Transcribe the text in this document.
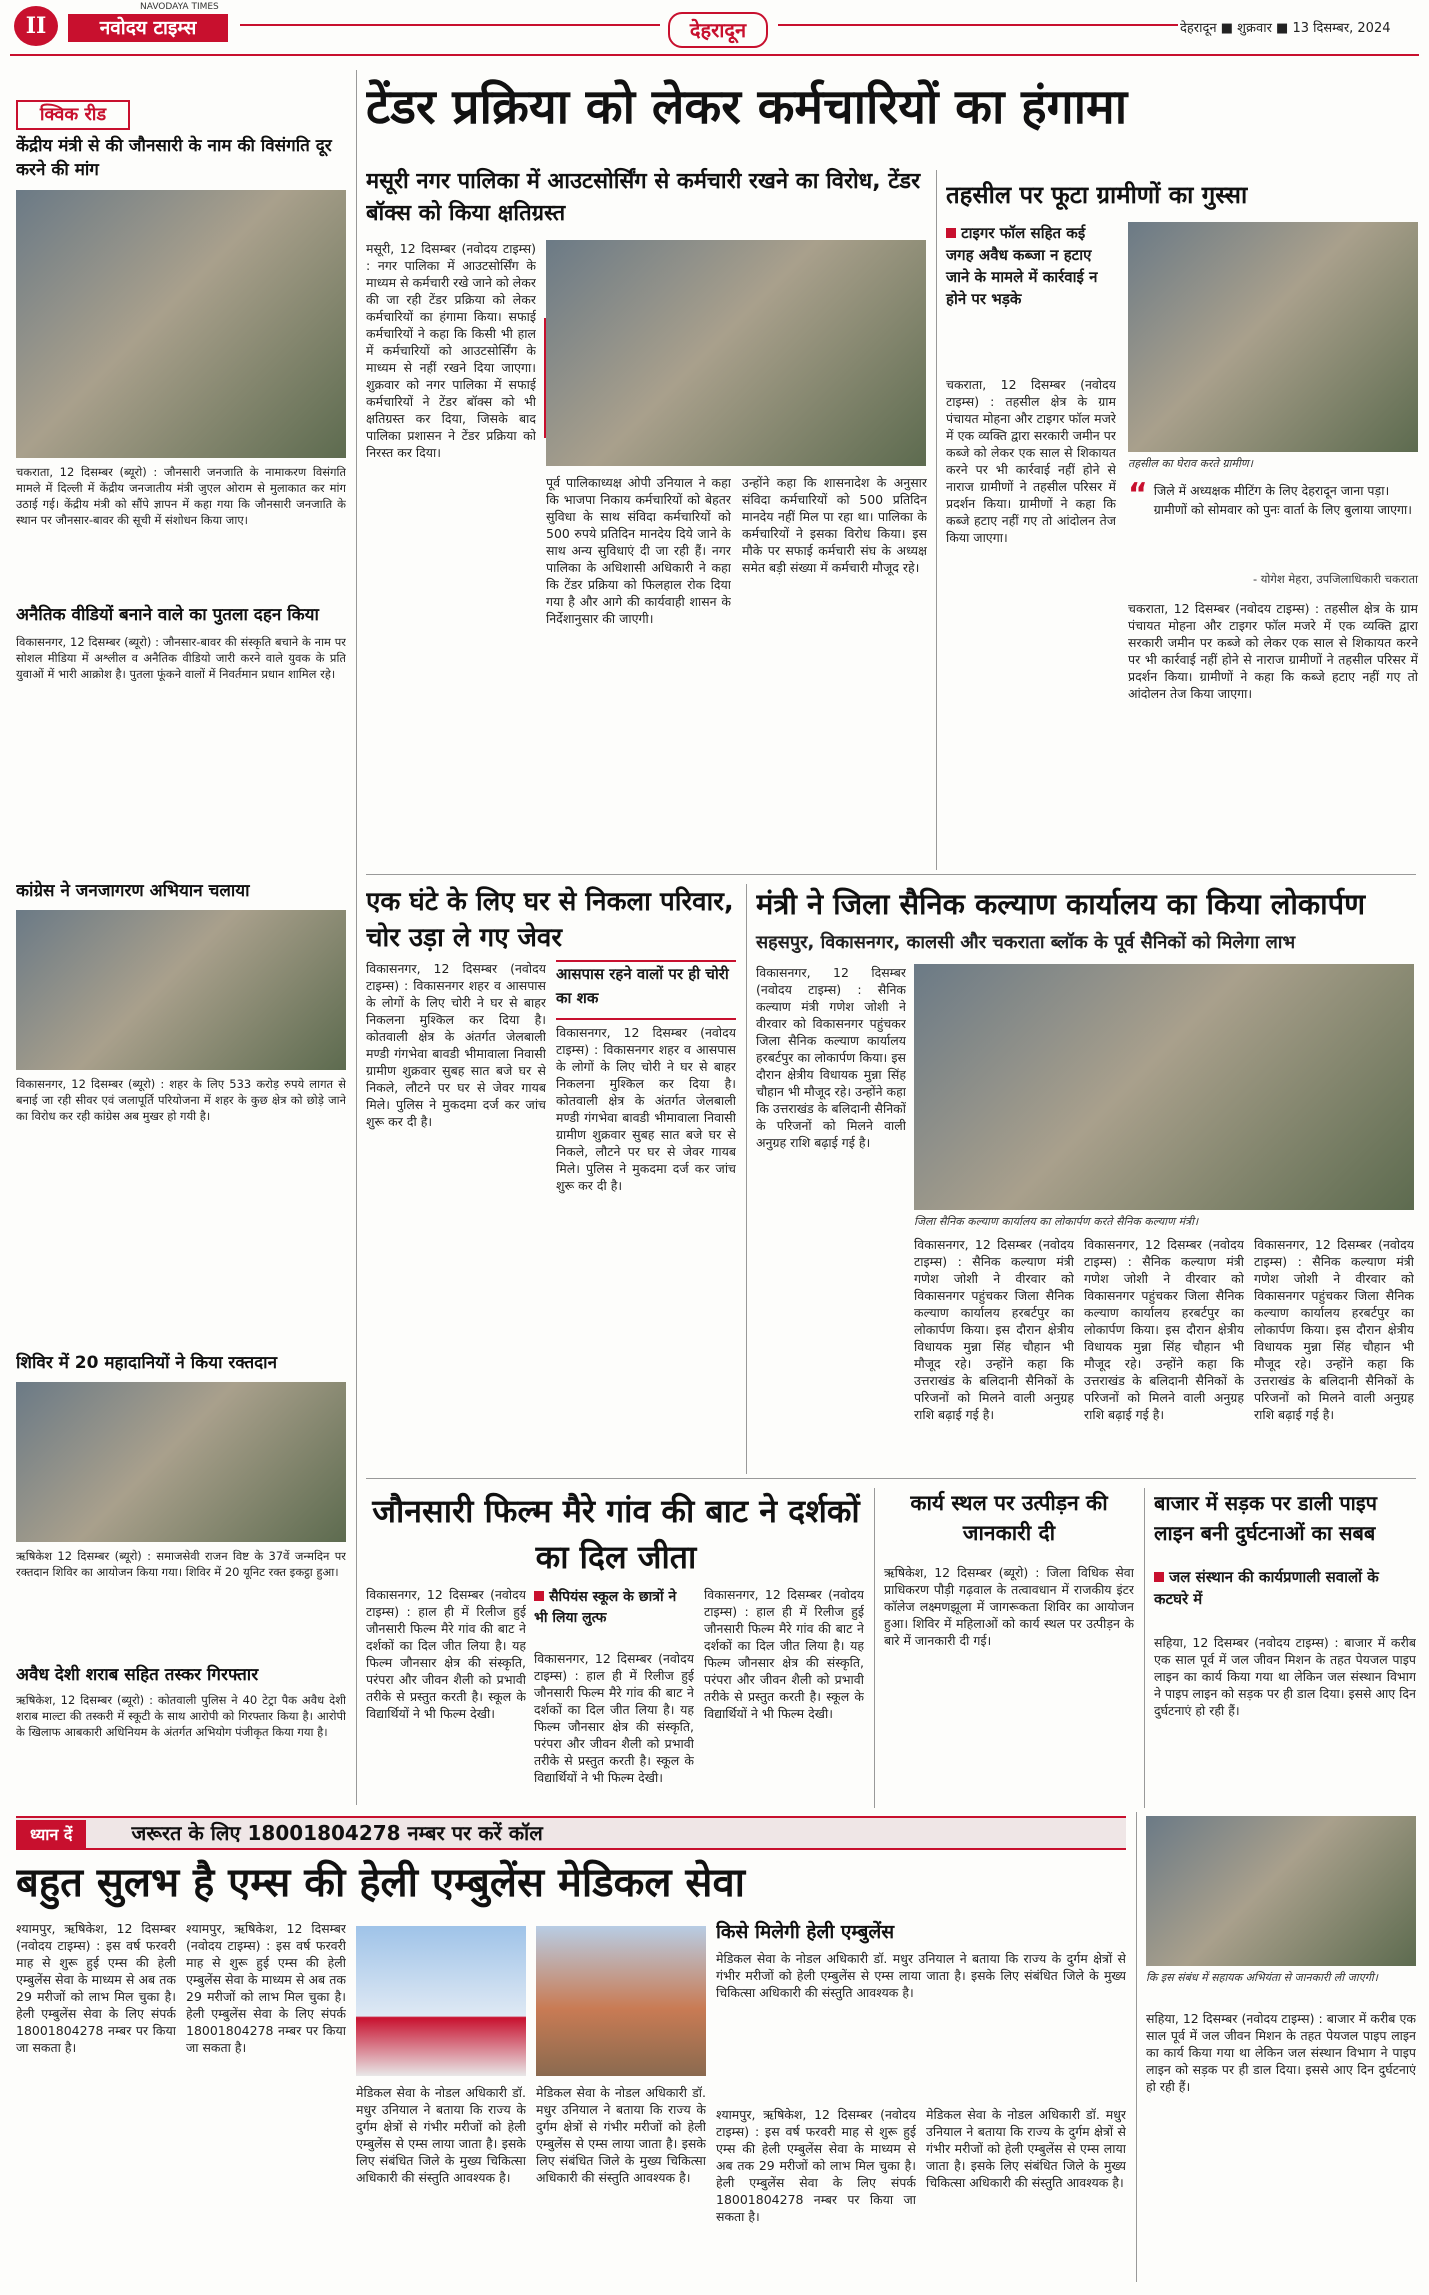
II
NAVODAYA TIMES
नवोदय टाइम्स	देहरादून	देहरादून ■ शुक्रवार ■ 13 दिसम्बर, 2024
क्विक रीड
केंद्रीय मंत्री से की जौनसारी के नाम की विसंगति दूर करने की मांग
चकराता, 12 दिसम्बर (ब्यूरो) : जौनसारी जनजाति के नामाकरण विसंगति मामले में दिल्ली में केंद्रीय जनजातीय मंत्री जुएल ओराम से मुलाकात कर मांग उठाई गई। केंद्रीय मंत्री को सौंपे ज्ञापन में कहा गया कि जौनसारी जनजाति के स्थान पर जौनसार-बावर की सूची में संशोधन किया जाए।
अनैतिक वीडियों बनाने वाले का पुतला दहन किया
विकासनगर, 12 दिसम्बर (ब्यूरो) : जौनसार-बावर की संस्कृति बचाने के नाम पर सोशल मीडिया में अश्लील व अनैतिक वीडियो जारी करने वाले युवक के प्रति युवाओं में भारी आक्रोश है। पुतला फूंकने वालों में निवर्तमान प्रधान शामिल रहे।
कांग्रेस ने जनजागरण अभियान चलाया
विकासनगर, 12 दिसम्बर (ब्यूरो) : शहर के लिए 533 करोड़ रुपये लागत से बनाई जा रही सीवर एवं जलापूर्ति परियोजना में शहर के कुछ क्षेत्र को छोड़े जाने का विरोध कर रही कांग्रेस अब मुखर हो गयी है।
शिविर में 20 महादानियों ने किया रक्तदान
ऋषिकेश 12 दिसम्बर (ब्यूरो) : समाजसेवी राजन विष्ट के 37वें जन्मदिन पर रक्तदान शिविर का आयोजन किया गया। शिविर में 20 यूनिट रक्त इकट्ठा हुआ।
अवैध देशी शराब सहित तस्कर गिरफ्तार
ऋषिकेश, 12 दिसम्बर (ब्यूरो) : कोतवाली पुलिस ने 40 टेट्रा पैक अवैध देशी शराब माल्टा की तस्करी में स्कूटी के साथ आरोपी को गिरफ्तार किया है। आरोपी के खिलाफ आबकारी अधिनियम के अंतर्गत अभियोग पंजीकृत किया गया है।
टेंडर प्रक्रिया को लेकर कर्मचारियों का हंगामा
मसूरी नगर पालिका में आउटसोर्सिंग से कर्मचारी रखने का विरोध, टेंडर बॉक्स को किया क्षतिग्रस्त
मसूरी, 12 दिसम्बर (नवोदय टाइम्स) : नगर पालिका में आउटसोर्सिंग के माध्यम से कर्मचारी रखे जाने को लेकर की जा रही टेंडर प्रक्रिया को लेकर कर्मचारियों का हंगामा किया। सफाई कर्मचारियों ने कहा कि किसी भी हाल में कर्मचारियों को आउटसोर्सिंग के माध्यम से नहीं रखने दिया जाएगा। शुक्रवार को नगर पालिका में सफाई कर्मचारियों ने टेंडर बॉक्स को भी क्षतिग्रस्त कर दिया, जिसके बाद पालिका प्रशासन ने टेंडर प्रक्रिया को निरस्त कर दिया।
पूर्व पालिकाध्यक्ष ओपी उनियाल ने कहा कि भाजपा निकाय कर्मचारियों को बेहतर सुविधा के साथ संविदा कर्मचारियों को 500 रुपये प्रतिदिन मानदेय दिये जाने के साथ अन्य सुविधाएं दी जा रही हैं। नगर पालिका के अधिशासी अधिकारी ने कहा कि टेंडर प्रक्रिया को फिलहाल रोक दिया गया है और आगे की कार्यवाही शासन के निर्देशानुसार की जाएगी।
उन्होंने कहा कि शासनादेश के अनुसार संविदा कर्मचारियों को 500 प्रतिदिन मानदेय नहीं मिल पा रहा था। पालिका के कर्मचारियों ने इसका विरोध किया। इस मौके पर सफाई कर्मचारी संघ के अध्यक्ष समेत बड़ी संख्या में कर्मचारी मौजूद रहे।
तहसील पर फूटा ग्रामीणों का गुस्सा
टाइगर फॉल सहित कई जगह अवैध कब्जा न हटाए जाने के मामले में कार्रवाई न होने पर भड़के
चकराता, 12 दिसम्बर (नवोदय टाइम्स) : तहसील क्षेत्र के ग्राम पंचायत मोहना और टाइगर फॉल मजरे में एक व्यक्ति द्वारा सरकारी जमीन पर कब्जे को लेकर एक साल से शिकायत करने पर भी कार्रवाई नहीं होने से नाराज ग्रामीणों ने तहसील परिसर में प्रदर्शन किया। ग्रामीणों ने कहा कि कब्जे हटाए नहीं गए तो आंदोलन तेज किया जाएगा।
तहसील का घेराव करते ग्रामीण।
“ जिले में अध्यक्षक मीटिंग के लिए देहरादून जाना पड़ा। ग्रामीणों को सोमवार को पुनः वार्ता के लिए बुलाया जाएगा।
- योगेश मेहरा, उपजिलाधिकारी चकराता
चकराता, 12 दिसम्बर (नवोदय टाइम्स) : तहसील क्षेत्र के ग्राम पंचायत मोहना और टाइगर फॉल मजरे में एक व्यक्ति द्वारा सरकारी जमीन पर कब्जे को लेकर एक साल से शिकायत करने पर भी कार्रवाई नहीं होने से नाराज ग्रामीणों ने तहसील परिसर में प्रदर्शन किया। ग्रामीणों ने कहा कि कब्जे हटाए नहीं गए तो आंदोलन तेज किया जाएगा।
एक घंटे के लिए घर से निकला परिवार, चोर उड़ा ले गए जेवर
विकासनगर, 12 दिसम्बर (नवोदय टाइम्स) : विकासनगर शहर व आसपास के लोगों के लिए चोरी ने घर से बाहर निकलना मुश्किल कर दिया है। कोतवाली क्षेत्र के अंतर्गत जेलबाली मण्डी गंगभेवा बावडी भीमावाला निवासी ग्रामीण शुक्रवार सुबह सात बजे घर से निकले, लौटने पर घर से जेवर गायब मिले। पुलिस ने मुकदमा दर्ज कर जांच शुरू कर दी है।
आसपास रहने वालों पर ही चोरी का शक
विकासनगर, 12 दिसम्बर (नवोदय टाइम्स) : विकासनगर शहर व आसपास के लोगों के लिए चोरी ने घर से बाहर निकलना मुश्किल कर दिया है। कोतवाली क्षेत्र के अंतर्गत जेलबाली मण्डी गंगभेवा बावडी भीमावाला निवासी ग्रामीण शुक्रवार सुबह सात बजे घर से निकले, लौटने पर घर से जेवर गायब मिले। पुलिस ने मुकदमा दर्ज कर जांच शुरू कर दी है।
मंत्री ने जिला सैनिक कल्याण कार्यालय का किया लोकार्पण
सहसपुर, विकासनगर, कालसी और चकराता ब्लॉक के पूर्व सैनिकों को मिलेगा लाभ
विकासनगर, 12 दिसम्बर (नवोदय टाइम्स) : सैनिक कल्याण मंत्री गणेश जोशी ने वीरवार को विकासनगर पहुंचकर जिला सैनिक कल्याण कार्यालय हरबर्टपुर का लोकार्पण किया। इस दौरान क्षेत्रीय विधायक मुन्ना सिंह चौहान भी मौजूद रहे। उन्होंने कहा कि उत्तराखंड के बलिदानी सैनिकों के परिजनों को मिलने वाली अनुग्रह राशि बढ़ाई गई है।
जिला सैनिक कल्याण कार्यालय का लोकार्पण करते सैनिक कल्याण मंत्री।
विकासनगर, 12 दिसम्बर (नवोदय टाइम्स) : सैनिक कल्याण मंत्री गणेश जोशी ने वीरवार को विकासनगर पहुंचकर जिला सैनिक कल्याण कार्यालय हरबर्टपुर का लोकार्पण किया। इस दौरान क्षेत्रीय विधायक मुन्ना सिंह चौहान भी मौजूद रहे। उन्होंने कहा कि उत्तराखंड के बलिदानी सैनिकों के परिजनों को मिलने वाली अनुग्रह राशि बढ़ाई गई है।
विकासनगर, 12 दिसम्बर (नवोदय टाइम्स) : सैनिक कल्याण मंत्री गणेश जोशी ने वीरवार को विकासनगर पहुंचकर जिला सैनिक कल्याण कार्यालय हरबर्टपुर का लोकार्पण किया। इस दौरान क्षेत्रीय विधायक मुन्ना सिंह चौहान भी मौजूद रहे। उन्होंने कहा कि उत्तराखंड के बलिदानी सैनिकों के परिजनों को मिलने वाली अनुग्रह राशि बढ़ाई गई है।
विकासनगर, 12 दिसम्बर (नवोदय टाइम्स) : सैनिक कल्याण मंत्री गणेश जोशी ने वीरवार को विकासनगर पहुंचकर जिला सैनिक कल्याण कार्यालय हरबर्टपुर का लोकार्पण किया। इस दौरान क्षेत्रीय विधायक मुन्ना सिंह चौहान भी मौजूद रहे। उन्होंने कहा कि उत्तराखंड के बलिदानी सैनिकों के परिजनों को मिलने वाली अनुग्रह राशि बढ़ाई गई है।
जौनसारी फिल्म मैरे गांव की बाट ने दर्शकों का दिल जीता
विकासनगर, 12 दिसम्बर (नवोदय टाइम्स) : हाल ही में रिलीज हुई जौनसारी फिल्म मैरे गांव की बाट ने दर्शकों का दिल जीत लिया है। यह फिल्म जौनसार क्षेत्र की संस्कृति, परंपरा और जीवन शैली को प्रभावी तरीके से प्रस्तुत करती है। स्कूल के विद्यार्थियों ने भी फिल्म देखी।
सैपियंस स्कूल के छात्रों ने भी लिया लुत्फ
विकासनगर, 12 दिसम्बर (नवोदय टाइम्स) : हाल ही में रिलीज हुई जौनसारी फिल्म मैरे गांव की बाट ने दर्शकों का दिल जीत लिया है। यह फिल्म जौनसार क्षेत्र की संस्कृति, परंपरा और जीवन शैली को प्रभावी तरीके से प्रस्तुत करती है। स्कूल के विद्यार्थियों ने भी फिल्म देखी।
विकासनगर, 12 दिसम्बर (नवोदय टाइम्स) : हाल ही में रिलीज हुई जौनसारी फिल्म मैरे गांव की बाट ने दर्शकों का दिल जीत लिया है। यह फिल्म जौनसार क्षेत्र की संस्कृति, परंपरा और जीवन शैली को प्रभावी तरीके से प्रस्तुत करती है। स्कूल के विद्यार्थियों ने भी फिल्म देखी।
कार्य स्थल पर उत्पीड़न की जानकारी दी
ऋषिकेश, 12 दिसम्बर (ब्यूरो) : जिला विधिक सेवा प्राधिकरण पौड़ी गढ़वाल के तत्वावधान में राजकीय इंटर कॉलेज लक्ष्मणझूला में जागरूकता शिविर का आयोजन हुआ। शिविर में महिलाओं को कार्य स्थल पर उत्पीड़न के बारे में जानकारी दी गई।
बाजार में सड़क पर डाली पाइप लाइन बनी दुर्घटनाओं का सबब
जल संस्थान की कार्यप्रणाली सवालों के कटघरे में
सहिया, 12 दिसम्बर (नवोदय टाइम्स) : बाजार में करीब एक साल पूर्व में जल जीवन मिशन के तहत पेयजल पाइप लाइन का कार्य किया गया था लेकिन जल संस्थान विभाग ने पाइप लाइन को सड़क पर ही डाल दिया। इससे आए दिन दुर्घटनाएं हो रही हैं।
ध्यान दें	जरूरत के लिए 18001804278 नम्बर पर करें कॉल
बहुत सुलभ है एम्स की हेली एम्बुलेंस मेडिकल सेवा
श्यामपुर, ऋषिकेश, 12 दिसम्बर (नवोदय टाइम्स) : इस वर्ष फरवरी माह से शुरू हुई एम्स की हेली एम्बुलेंस सेवा के माध्यम से अब तक 29 मरीजों को लाभ मिल चुका है। हेली एम्बुलेंस सेवा के लिए संपर्क 18001804278 नम्बर पर किया जा सकता है।
श्यामपुर, ऋषिकेश, 12 दिसम्बर (नवोदय टाइम्स) : इस वर्ष फरवरी माह से शुरू हुई एम्स की हेली एम्बुलेंस सेवा के माध्यम से अब तक 29 मरीजों को लाभ मिल चुका है। हेली एम्बुलेंस सेवा के लिए संपर्क 18001804278 नम्बर पर किया जा सकता है।
मेडिकल सेवा के नोडल अधिकारी डॉ. मधुर उनियाल ने बताया कि राज्य के दुर्गम क्षेत्रों से गंभीर मरीजों को हेली एम्बुलेंस से एम्स लाया जाता है। इसके लिए संबंधित जिले के मुख्य चिकित्सा अधिकारी की संस्तुति आवश्यक है।
मेडिकल सेवा के नोडल अधिकारी डॉ. मधुर उनियाल ने बताया कि राज्य के दुर्गम क्षेत्रों से गंभीर मरीजों को हेली एम्बुलेंस से एम्स लाया जाता है। इसके लिए संबंधित जिले के मुख्य चिकित्सा अधिकारी की संस्तुति आवश्यक है।
किसे मिलेगी हेली एम्बुलेंस
मेडिकल सेवा के नोडल अधिकारी डॉ. मधुर उनियाल ने बताया कि राज्य के दुर्गम क्षेत्रों से गंभीर मरीजों को हेली एम्बुलेंस से एम्स लाया जाता है। इसके लिए संबंधित जिले के मुख्य चिकित्सा अधिकारी की संस्तुति आवश्यक है।
श्यामपुर, ऋषिकेश, 12 दिसम्बर (नवोदय टाइम्स) : इस वर्ष फरवरी माह से शुरू हुई एम्स की हेली एम्बुलेंस सेवा के माध्यम से अब तक 29 मरीजों को लाभ मिल चुका है। हेली एम्बुलेंस सेवा के लिए संपर्क 18001804278 नम्बर पर किया जा सकता है।
मेडिकल सेवा के नोडल अधिकारी डॉ. मधुर उनियाल ने बताया कि राज्य के दुर्गम क्षेत्रों से गंभीर मरीजों को हेली एम्बुलेंस से एम्स लाया जाता है। इसके लिए संबंधित जिले के मुख्य चिकित्सा अधिकारी की संस्तुति आवश्यक है।
कि इस संबंध में सहायक अभियंता से जानकारी ली जाएगी।
सहिया, 12 दिसम्बर (नवोदय टाइम्स) : बाजार में करीब एक साल पूर्व में जल जीवन मिशन के तहत पेयजल पाइप लाइन का कार्य किया गया था लेकिन जल संस्थान विभाग ने पाइप लाइन को सड़क पर ही डाल दिया। इससे आए दिन दुर्घटनाएं हो रही हैं।
